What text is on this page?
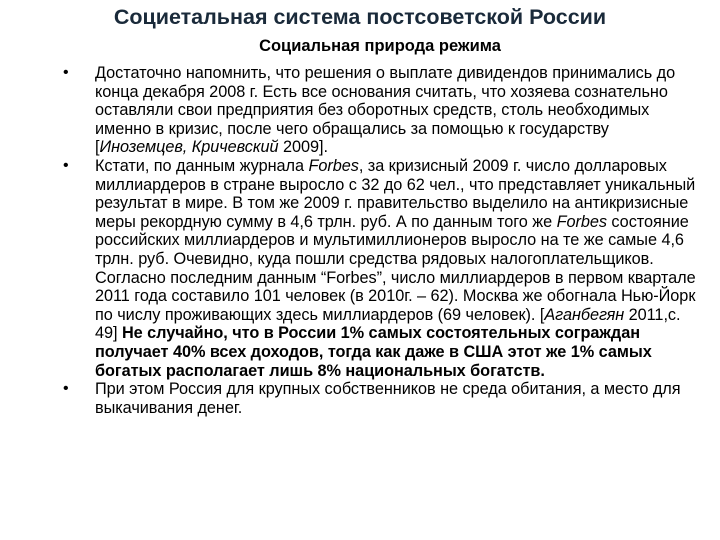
Социетальная система постсоветской России
Социальная природа режима
• Достаточно напомнить, что решения о выплате дивидендов принимались до конца декабря 2008 г. Есть все основания считать, что хозяева сознательно оставляли свои предприятия без оборотных средств, столь необходимых именно в кризис, после чего обращались за помощью к государству [Иноземцев, Кричевский 2009].
• Кстати, по данным журнала Forbes, за кризисный 2009 г. число долларовых миллиардеров в стране выросло с 32 до 62 чел., что представляет уникальный результат в мире. В том же 2009 г. правительство выделило на антикризисные меры рекордную сумму в 4,6 трлн. руб. А по данным того же Forbes состояние российских миллиардеров и мультимиллионеров выросло на те же самые 4,6 трлн. руб. Очевидно, куда пошли средства рядовых налогоплательщиков. Согласно последним данным “Forbes”, число миллиардеров в первом квартале 2011 года составило 101 человек (в 2010г. – 62). Москва же обогнала Нью-Йорк по числу проживающих здесь миллиардеров (69 человек). [Аганбегян 2011,с. 49] Не случайно, что в России 1% самых состоятельных сограждан получает 40% всех доходов, тогда как даже в США этот же 1% самых богатых располагает лишь 8% национальных богатств.
• При этом Россия для крупных собственников не среда обитания, а место для выкачивания денег.
